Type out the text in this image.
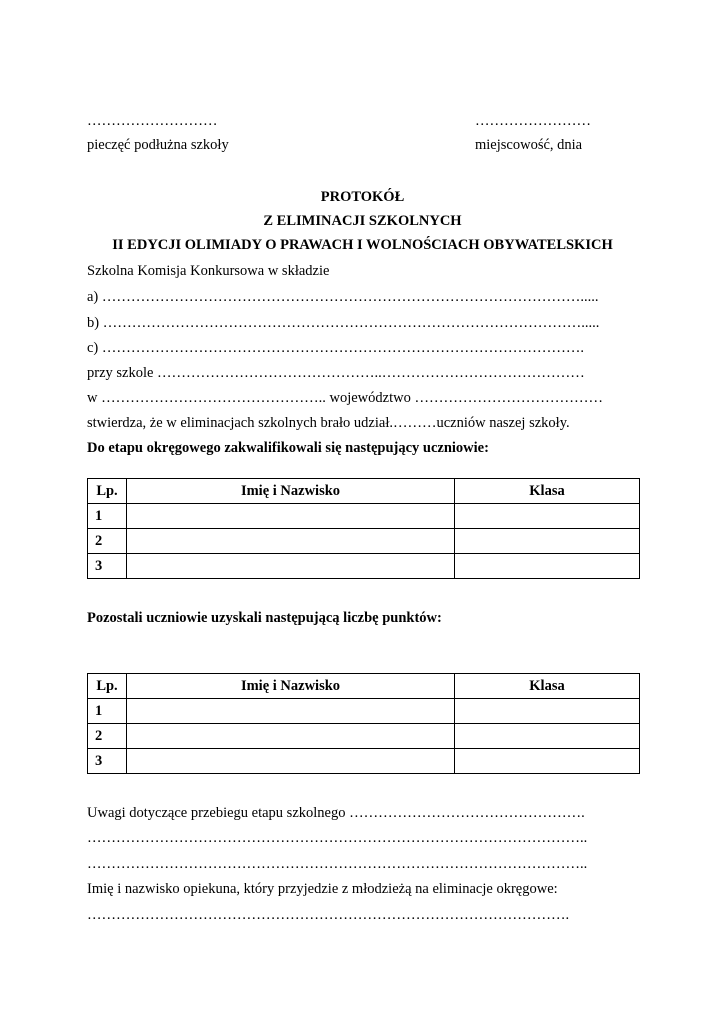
………………………
pieczęć podłużna szkoły
……………………
miejscowość, dnia
PROTOKÓŁ
Z ELIMINACJI SZKOLNYCH
II EDYCJI OLIMIADY O PRAWACH I WOLNOŚCIACH OBYWATELSKICH
Szkolna Komisja Konkursowa w składzie
a) ……………………………………………………………………………………….....
b) ……………………………………………………………………………………….....
c) ……………………………………………………………………………………….
przy szkole ………………………………………..……………………………………
w ……………………………………….. województwo …………………………………
stwierdza, że w eliminacjach szkolnych brało udział.………uczniów naszej szkoły.
Do etapu okręgowego zakwalifikowali się następujący uczniowie:
Lp.	Imię i Nazwisko	Klasa
1		
2		
3		
Pozostali uczniowie uzyskali następującą liczbę punktów:
Lp.	Imię i Nazwisko	Klasa
1		
2		
3		
Uwagi dotyczące przebiegu etapu szkolnego ………………………………………….
…………………………………………………………………………………………..
…………………………………………………………………………………………..
Imię i nazwisko opiekuna, który przyjedzie z młodzieżą na eliminacje okręgowe:
……………………………………………………………………………………….
